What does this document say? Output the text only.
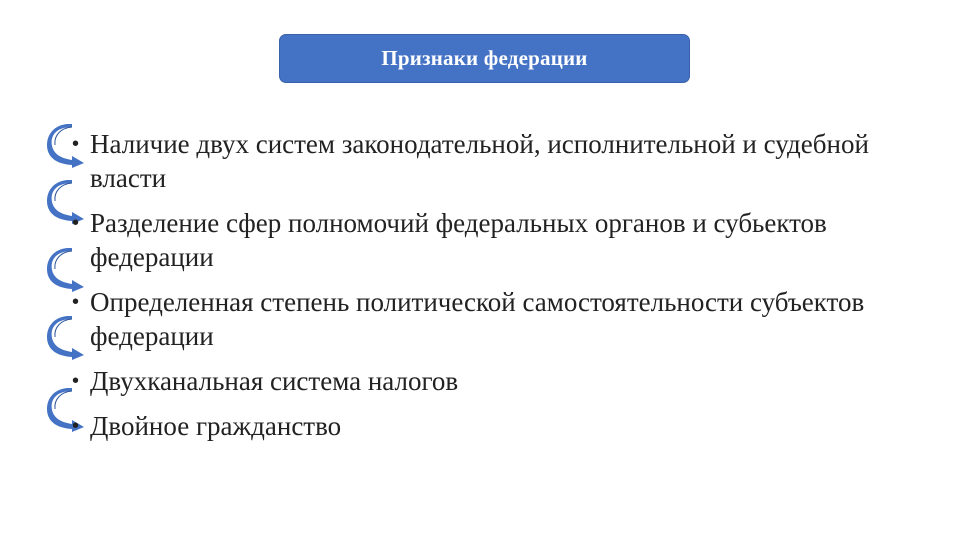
Признаки федерации
• Наличие двух систем законодательной, исполнительной и судебной власти
• Разделение сфер полномочий федеральных органов и субьектов федерации
• Определенная степень политической самостоятельности субъектов федерации
• Двухканальная система налогов
• Двойное гражданство
